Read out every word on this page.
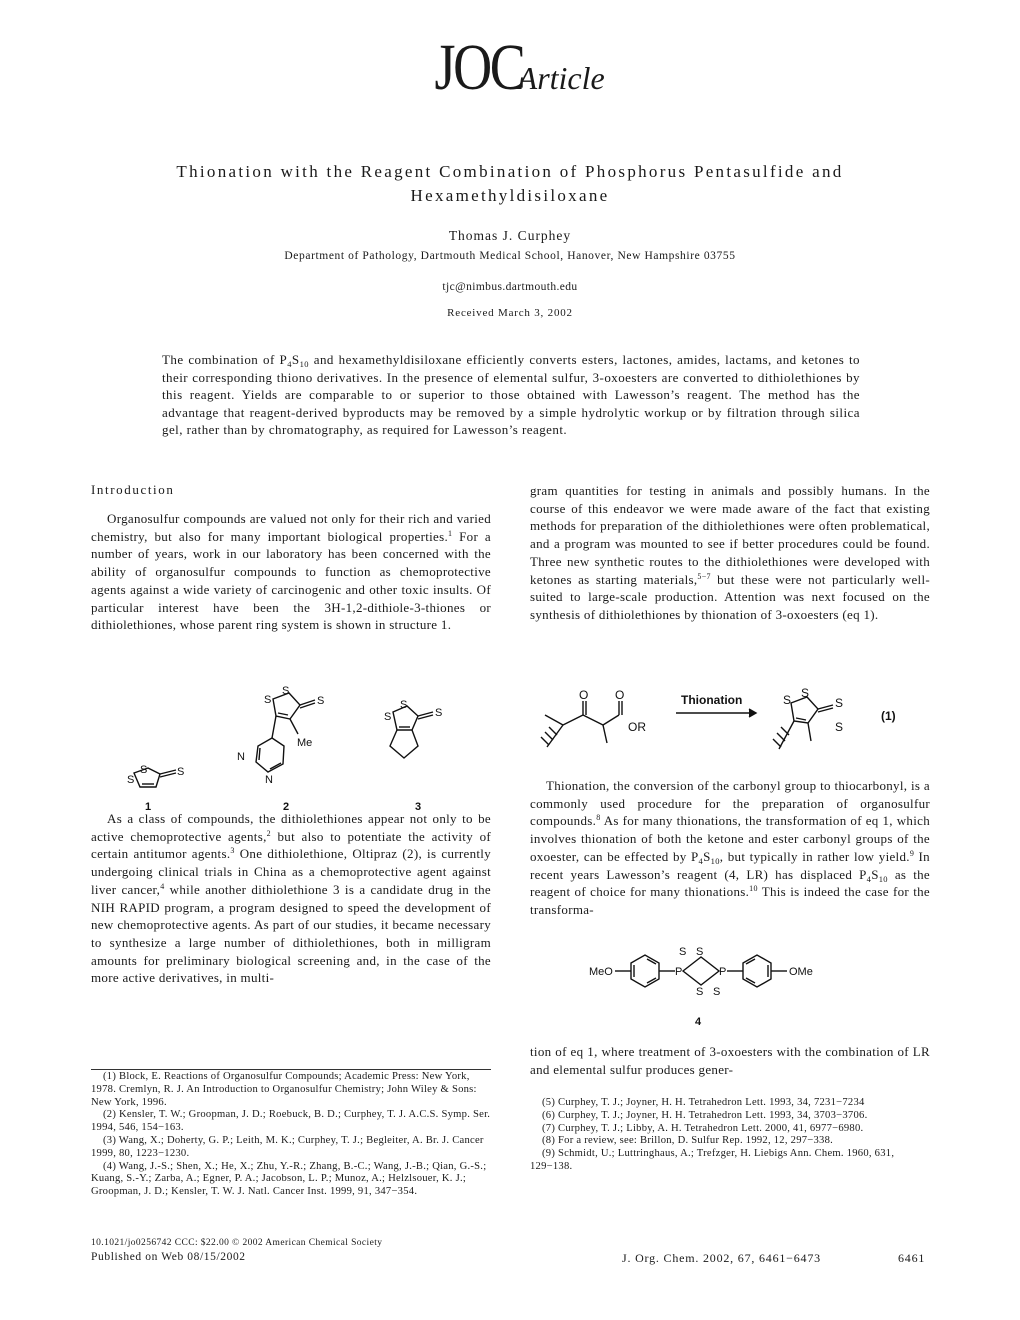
JOCArticle
Thionation with the Reagent Combination of Phosphorus Pentasulfide and Hexamethyldisiloxane
Thomas J. Curphey
Department of Pathology, Dartmouth Medical School, Hanover, New Hampshire 03755
tjc@nimbus.dartmouth.edu
Received March 3, 2002

The combination of $P_4S_{10}$ and hexamethyldisiloxane efficiently converts esters, lactones, amides, lactams, and ketones to their corresponding thiono derivatives. In the presence of elemental sulfur, 3-oxoesters are converted to dithiolethiones by this reagent. Yields are comparable to or superior to those obtained with Lawesson’s reagent. The method has the advantage that reagent-derived byproducts may be removed by a simple hydrolytic workup or by filtration through silica gel, rather than by chromatography, as required for Lawesson’s reagent.

Introduction

Organosulfur compounds are valued not only for their rich and varied chemistry, but also for many important biological properties.$^1$ For a number of years, work in our laboratory has been concerned with the ability of organosulfur compounds to function as chemoprotective agents against a wide variety of carcinogenic and other toxic insults. Of particular interest have been the 3H-1,2-dithiole-3-thiones or dithiolethiones, whose parent ring system is shown in structure 1.

S
S
S
S
S
S
Me
N
N
S
S	S
1	2	3

As a class of compounds, the dithiolethiones appear not only to be active chemoprotective agents,$^2$ but also to potentiate the activity of certain antitumor agents.$^3$ One dithiolethione, Oltipraz (2), is currently undergoing clinical trials in China as a chemoprotective agent against liver cancer,$^4$ while another dithiolethione 3 is a candidate drug in the NIH RAPID program, a program designed to speed the development of new chemoprotective agents. As part of our studies, it became necessary to synthesize a large number of dithiolethiones, both in milligram amounts for preliminary biological screening and, in the case of the more active derivatives, in multi-

gram quantities for testing in animals and possibly humans. In the course of this endeavor we were made aware of the fact that existing methods for preparation of the dithiolethiones were often problematical, and a program was mounted to see if better procedures could be found. Three new synthetic routes to the dithiolethiones were developed with ketones as starting materials,$^{5-7}$ but these were not particularly well-suited to large-scale production. Attention was next focused on the synthesis of dithiolethiones by thionation of 3-oxoesters (eq 1).

O O
OR
Thionation	S S
S
S
(1)

Thionation, the conversion of the carbonyl group to thiocarbonyl, is a commonly used procedure for the preparation of organosulfur compounds.$^8$ As for many thionations, the transformation of eq 1, which involves thionation of both the ketone and ester carbonyl groups of the oxoester, can be effected by $P_4S_{10}$, but typically in rather low yield.$^9$ In recent years Lawesson’s reagent (4, LR) has displaced $P_4S_{10}$ as the reagent of choice for many thionations.$^{10}$ This is indeed the case for the transforma-

MeO	P	P
S
S
S
S
OMe
4

tion of eq 1, where treatment of 3-oxoesters with the combination of LR and elemental sulfur produces gener-

(1) Block, E. Reactions of Organosulfur Compounds; Academic Press: New York, 1978. Cremlyn, R. J. An Introduction to Organosulfur Chemistry; John Wiley & Sons: New York, 1996.

(2) Kensler, T. W.; Groopman, J. D.; Roebuck, B. D.; Curphey, T. J. A.C.S. Symp. Ser. 1994, 546, 154−163.

(3) Wang, X.; Doherty, G. P.; Leith, M. K.; Curphey, T. J.; Begleiter, A. Br. J. Cancer 1999, 80, 1223−1230.

(4) Wang, J.-S.; Shen, X.; He, X.; Zhu, Y.-R.; Zhang, B.-C.; Wang, J.-B.; Qian, G.-S.; Kuang, S.-Y.; Zarba, A.; Egner, P. A.; Jacobson, L. P.; Munoz, A.; Helzlsouer, K. J.; Groopman, J. D.; Kensler, T. W. J. Natl. Cancer Inst. 1999, 91, 347−354.

(5) Curphey, T. J.; Joyner, H. H. Tetrahedron Lett. 1993, 34, 7231−7234

(6) Curphey, T. J.; Joyner, H. H. Tetrahedron Lett. 1993, 34, 3703−3706.

(7) Curphey, T. J.; Libby, A. H. Tetrahedron Lett. 2000, 41, 6977−6980.

(8) For a review, see: Brillon, D. Sulfur Rep. 1992, 12, 297−338.

(9) Schmidt, U.; Luttringhaus, A.; Trefzger, H. Liebigs Ann. Chem. 1960, 631, 129−138.

10.1021/jo0256742 CCC: $22.00 © 2002 American Chemical Society
Published on Web 08/15/2002	J. Org. Chem. 2002, 67, 6461−6473	6461
